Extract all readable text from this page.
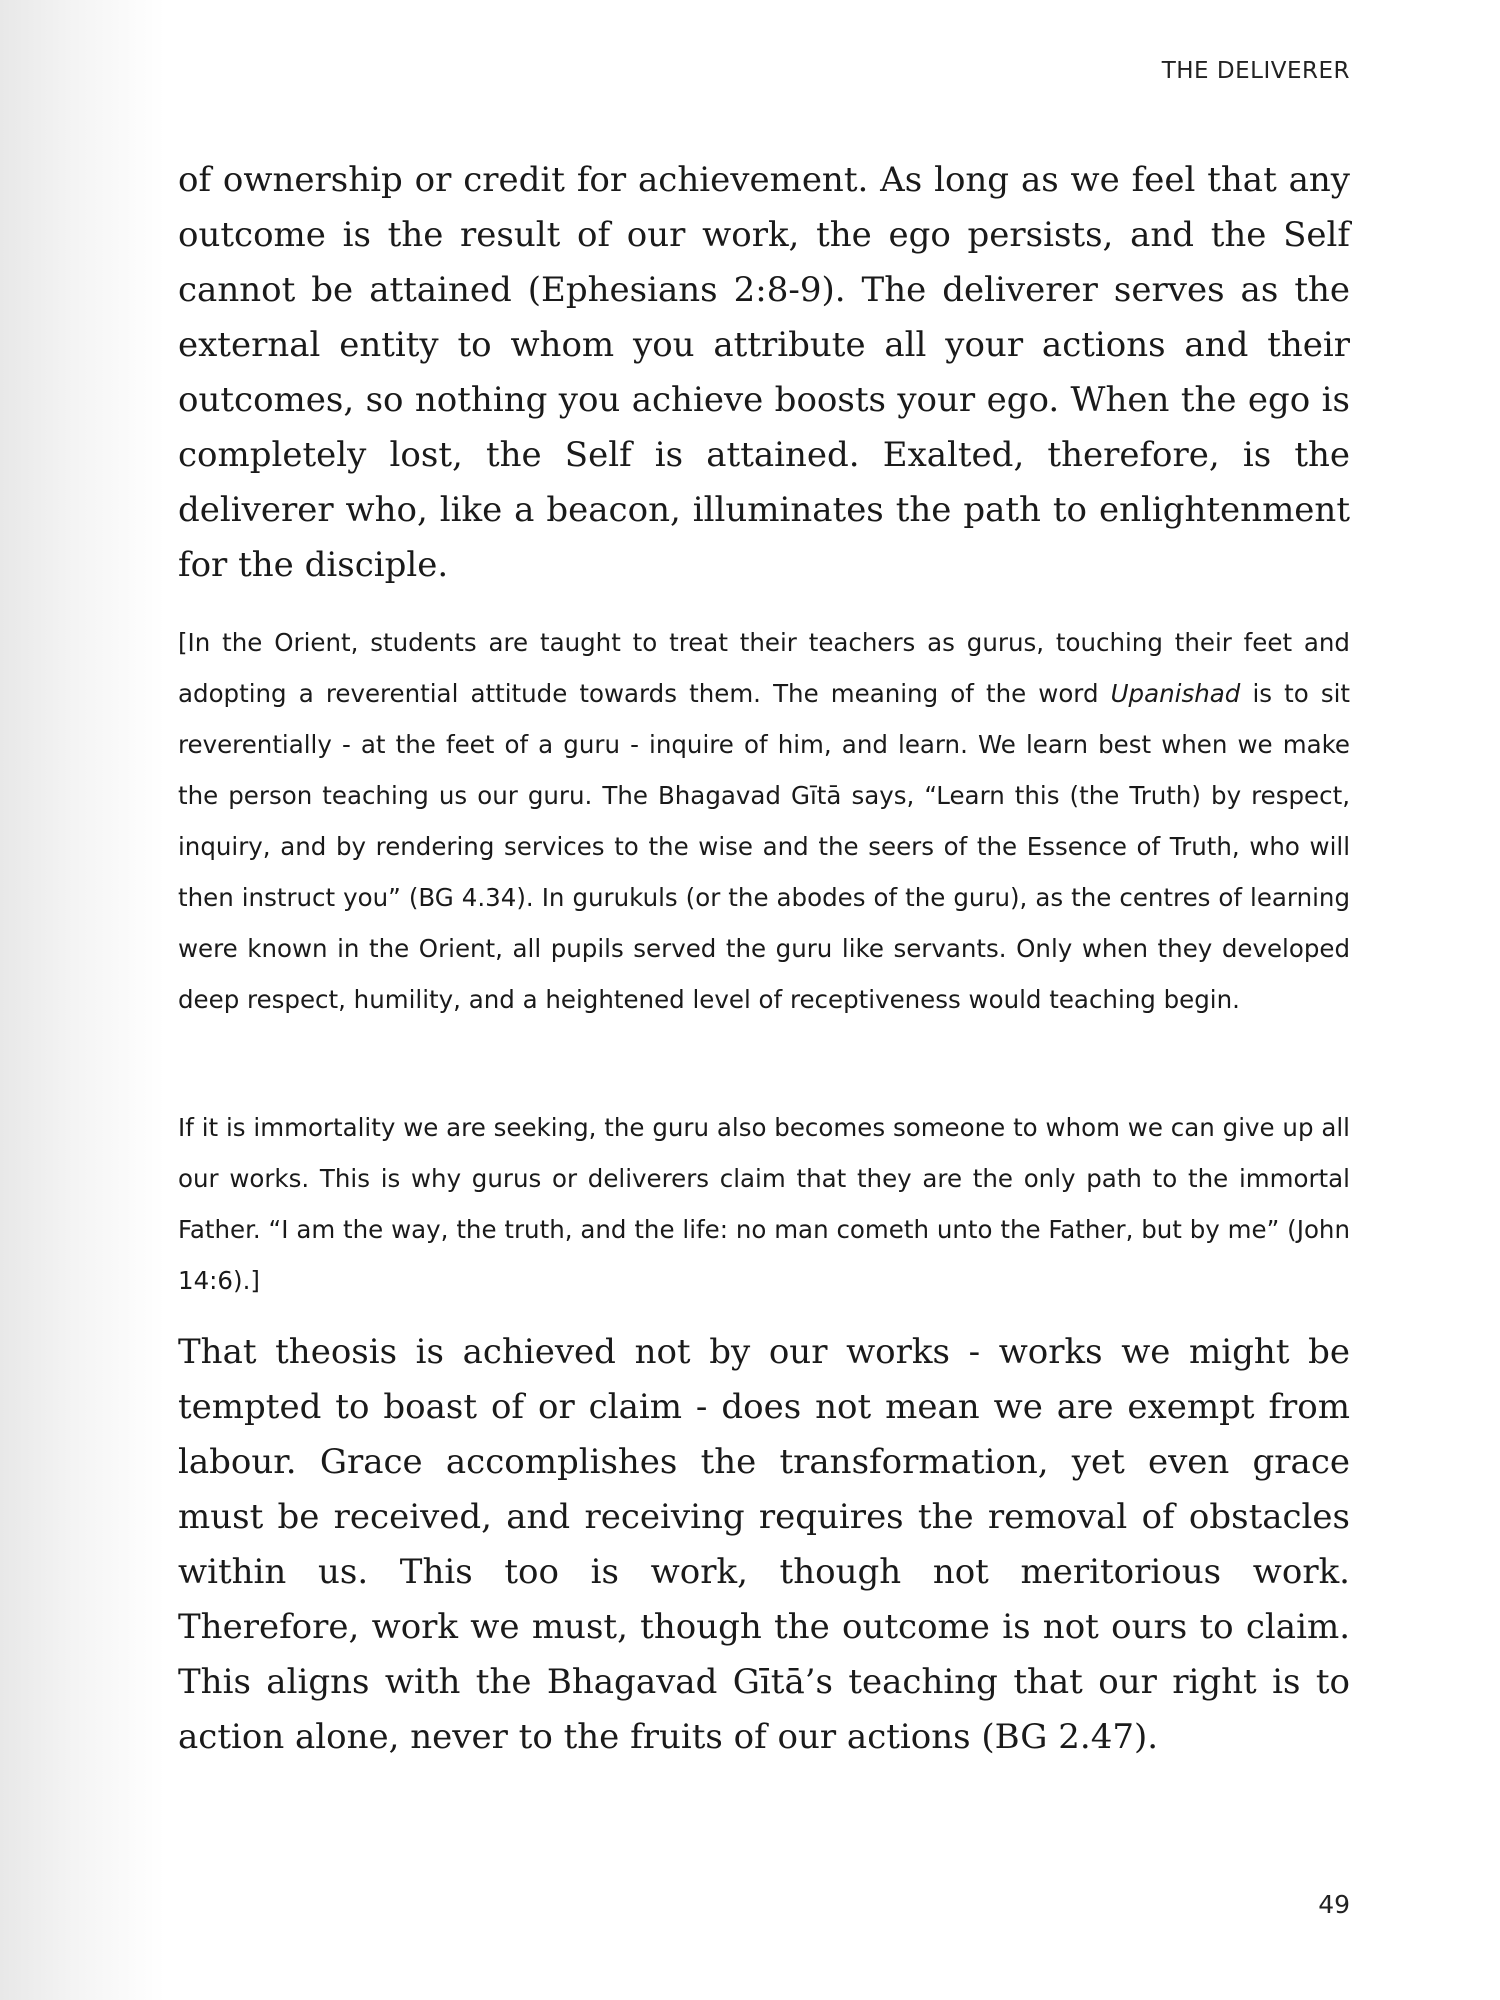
THE DELIVERER

of ownership or credit for achievement. As long as we feel that any outcome is the result of our work, the ego persists, and the Self cannot be attained (Ephesians 2:8-9). The deliverer serves as the external entity to whom you attribute all your actions and their outcomes, so nothing you achieve boosts your ego. When the ego is completely lost, the Self is attained. Exalted, therefore, is the deliverer who, like a beacon, illuminates the path to enlightenment for the disciple.

[In the Orient, students are taught to treat their teachers as gurus, touching their feet and adopting a reverential attitude towards them. The meaning of the word Upanishad is to sit reverentially - at the feet of a guru - inquire of him, and learn. We learn best when we make the person teaching us our guru. The Bhagavad Gītā says, “Learn this (the Truth) by respect, inquiry, and by rendering services to the wise and the seers of the Essence of Truth, who will then instruct you” (BG 4.34). In gurukuls (or the abodes of the guru), as the centres of learning were known in the Orient, all pupils served the guru like servants. Only when they developed deep respect, humility, and a heightened level of receptiveness would teaching begin.

If it is immortality we are seeking, the guru also becomes someone to whom we can give up all our works. This is why gurus or deliverers claim that they are the only path to the immortal Father. “I am the way, the truth, and the life: no man cometh unto the Father, but by me” (John 14:6).]

That theosis is achieved not by our works - works we might be tempted to boast of or claim - does not mean we are exempt from labour. Grace accomplishes the transformation, yet even grace must be received, and receiving requires the removal of obstacles within us. This too is work, though not meritorious work. Therefore, work we must, though the outcome is not ours to claim. This aligns with the Bhagavad Gītā’s teaching that our right is to action alone, never to the fruits of our actions (BG 2.47).

49
